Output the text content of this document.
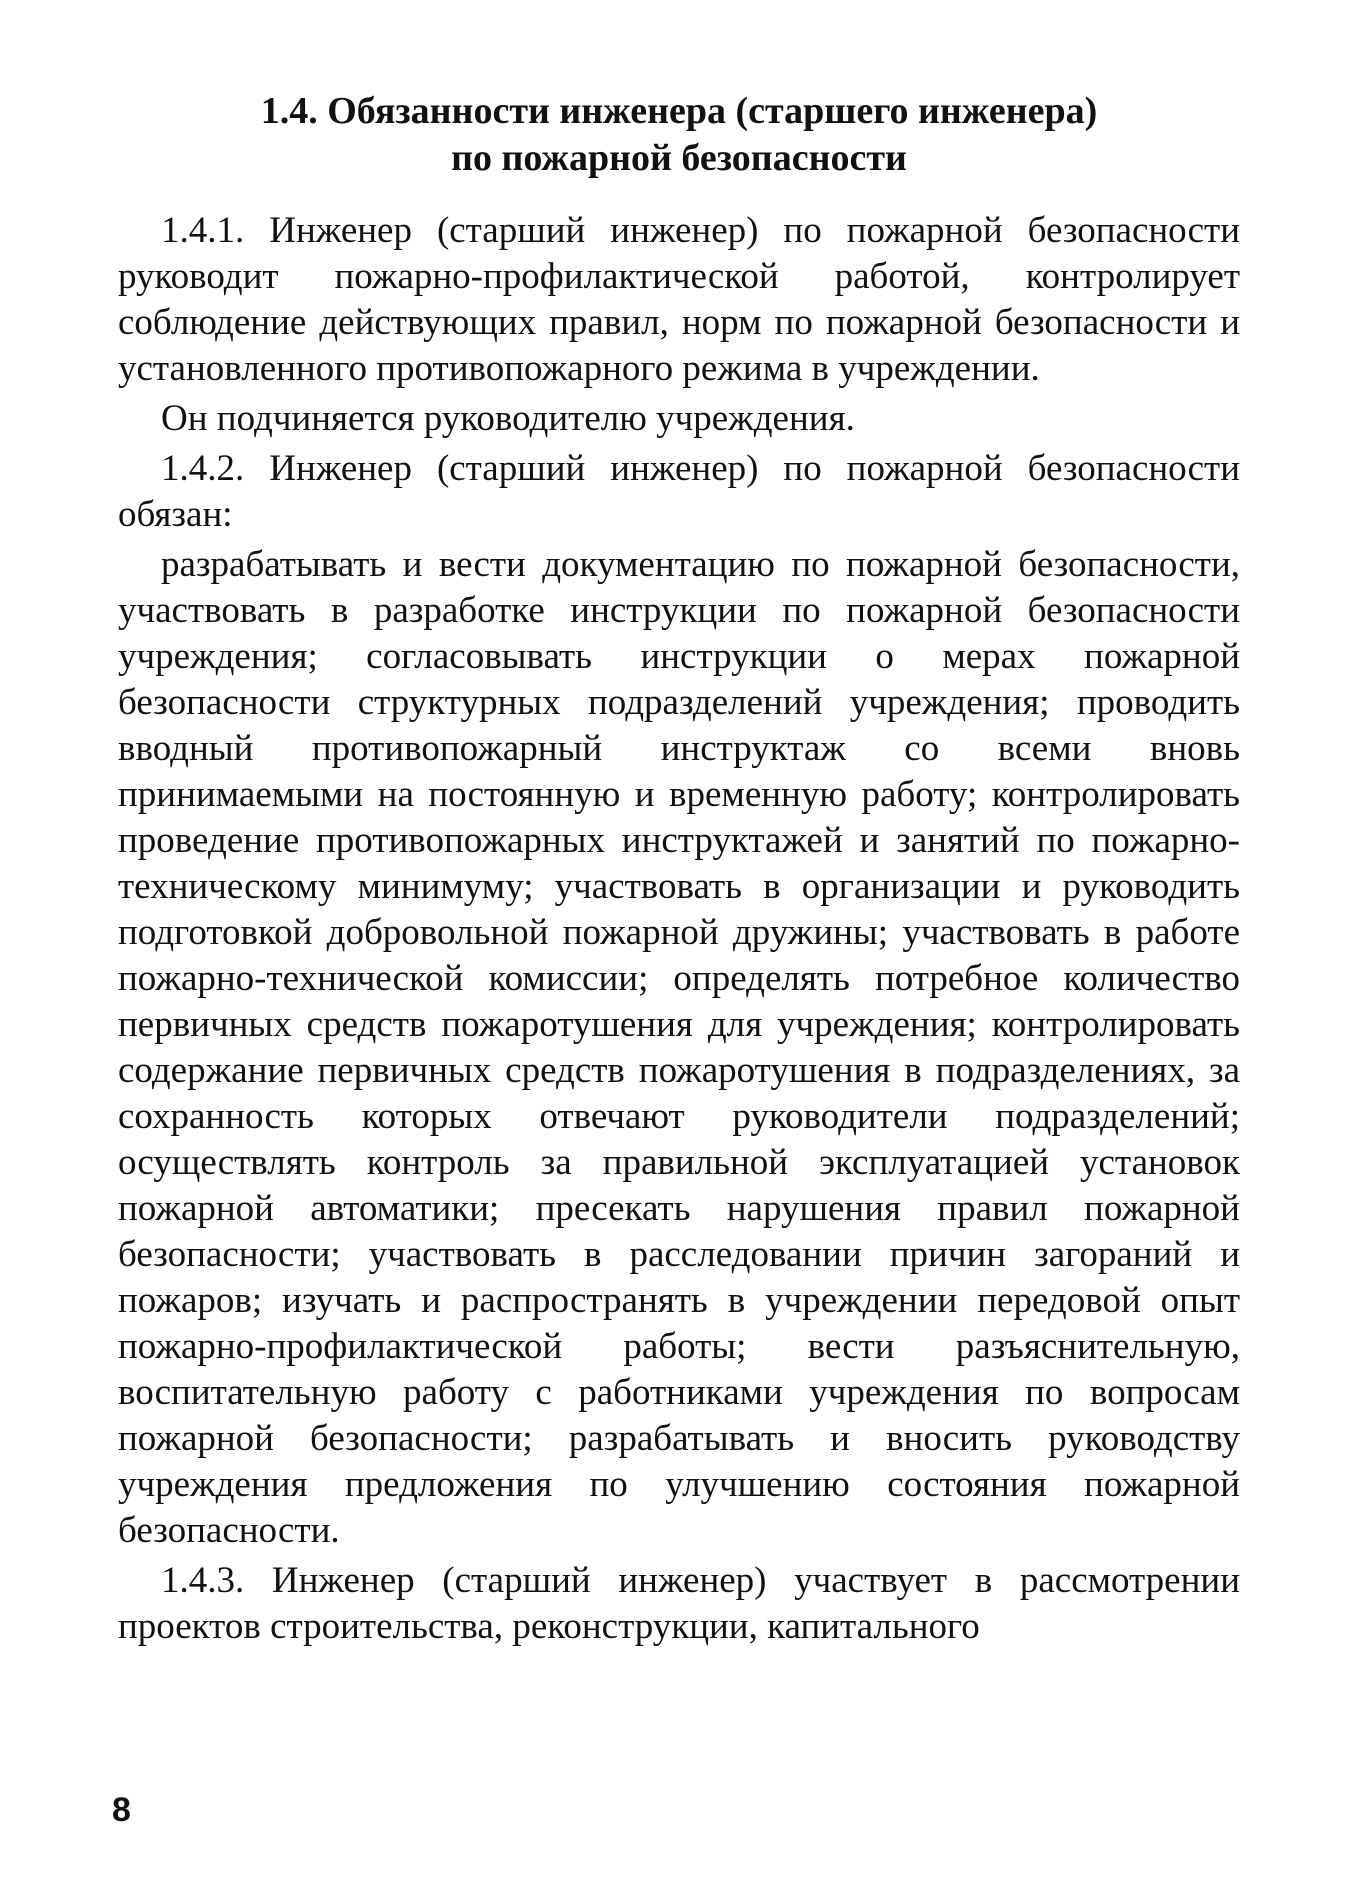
1.4. Обязанности инженера (старшего инженера)
по пожарной безопасности

1.4.1. Инженер (старший инженер) по пожарной безопасности руководит пожарно-профилактической работой, контролирует соблюдение действующих правил, норм по пожарной безопасности и установленного противопожарного режима в учреждении.

Он подчиняется руководителю учреждения.

1.4.2. Инженер (старший инженер) по пожарной безопасности обязан:

разрабатывать и вести документацию по пожарной безопасности, участвовать в разработке инструкции по пожарной безопасности учреждения; согласовывать инструкции о мерах пожарной безопасности структурных подразделений учреждения; проводить вводный противопожарный инструктаж со всеми вновь принимаемыми на постоянную и временную работу; контролировать проведение противопожарных инструктажей и занятий по пожарно-техническому минимуму; участвовать в организации и руководить подготовкой добровольной пожарной дружины; участвовать в работе пожарно-технической комиссии; определять потребное количество первичных средств пожаротушения для учреждения; контролировать содержание первичных средств пожаротушения в подразделениях, за сохранность которых отвечают руководители подразделений; осуществлять контроль за правильной эксплуатацией установок пожарной автоматики; пресекать нарушения правил пожарной безопасности; участвовать в расследовании причин загораний и пожаров; изучать и распространять в учреждении передовой опыт пожарно-профилактической работы; вести разъяснительную, воспитательную работу с работниками учреждения по вопросам пожарной безопасности; разрабатывать и вносить руководству учреждения предложения по улучшению состояния пожарной безопасности.

1.4.3. Инженер (старший инженер) участвует в рассмотрении проектов строительства, реконструкции, капитального

8
